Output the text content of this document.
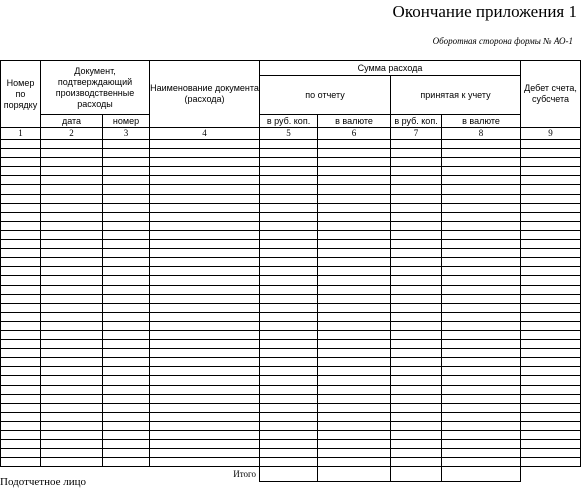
Окончание приложения 1
Оборотная сторона формы № АО-1
Номер по порядку	Документ, подтверждающий производственные расходы		Наименование документа (расхода)	Сумма расхода				Дебет счета, субсчета
				по отчету		принятая к учету		
	дата	номер		в руб. коп.	в валюте	в руб. коп.	в валюте	
1	2	3	4	5	6	7	8	9

Итого								
Подотчетное лицо
